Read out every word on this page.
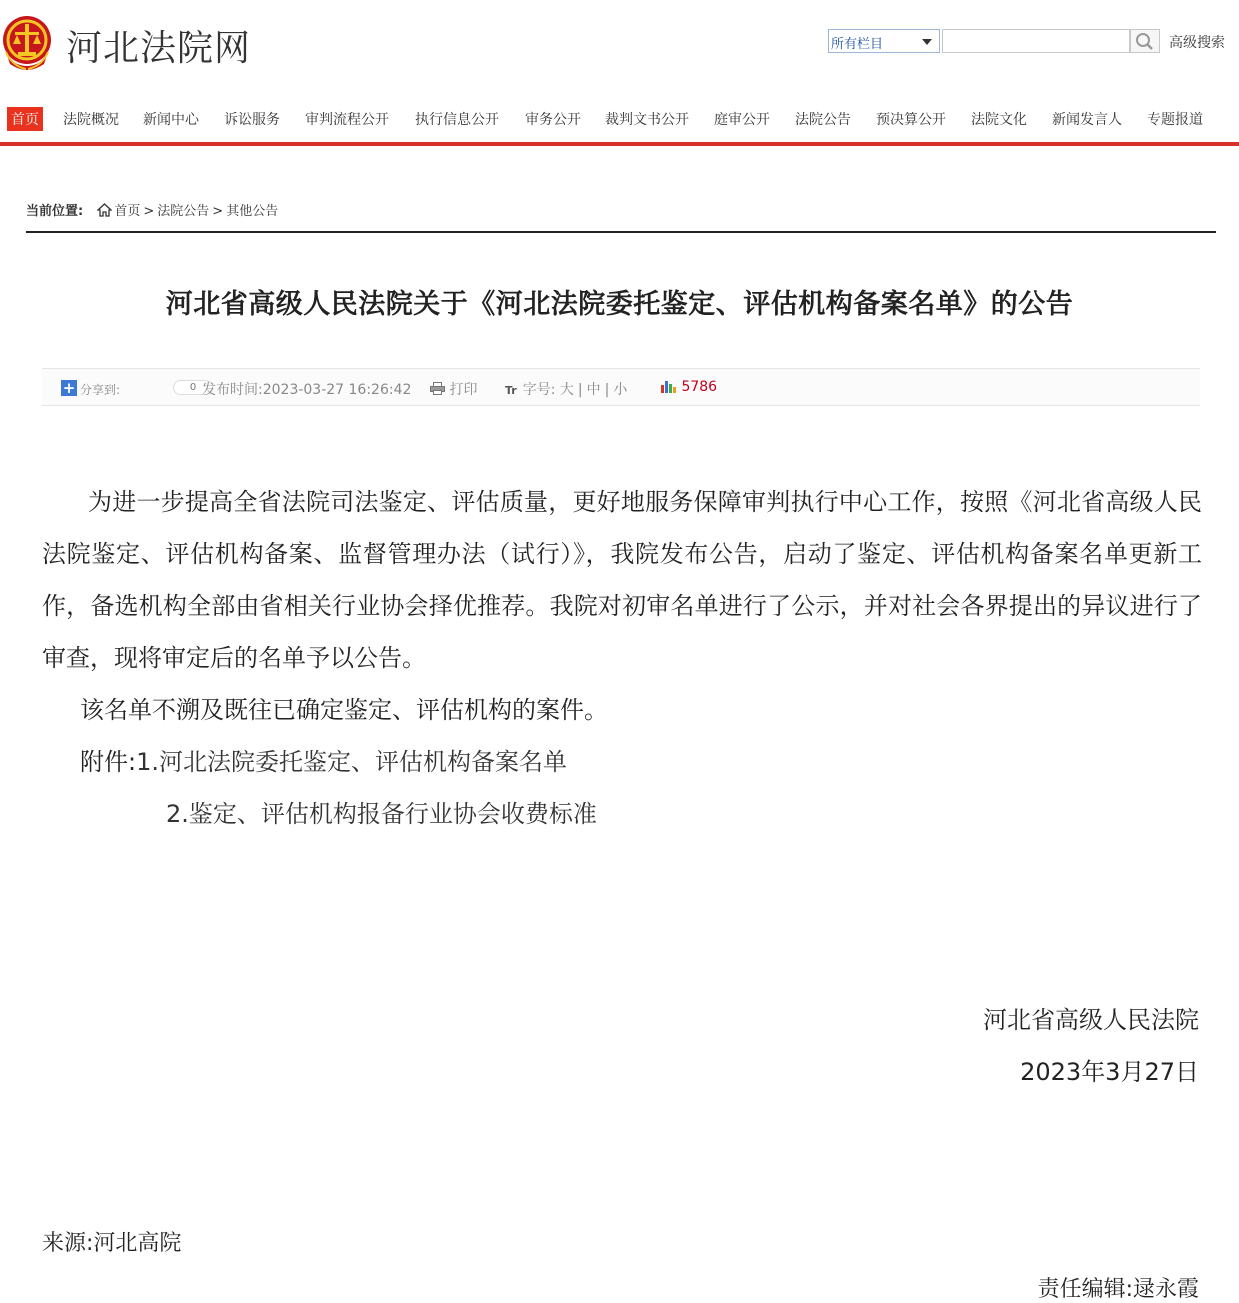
河北法院网	所有栏目	高级搜索
首页 法院概况 新闻中心 诉讼服务 审判流程公开 执行信息公开 审务公开 裁判文书公开 庭审公开 法院公告 预决算公开 法院文化 新闻发言人 专题报道
当前位置: 首页 > 法院公告 > 其他公告
河北省高级人民法院关于《河北法院委托鉴定、评估机构备案名单》的公告
+ 分享到:	0 发布时间:2023-03-27 16:26:42	打印	Tr 字号: 大 | 中 | 小	5786

为进一步提高全省法院司法鉴定、评估质量，更好地服务保障审判执行中心工作，按照《河北省高级人民法院鉴定、评估机构备案、监督管理办法（试行）》，我院发布公告，启动了鉴定、评估机构备案名单更新工作，备选机构全部由省相关行业协会择优推荐。我院对初审名单进行了公示，并对社会各界提出的异议进行了审查，现将审定后的名单予以公告。

该名单不溯及既往已确定鉴定、评估机构的案件。

附件:1.河北法院委托鉴定、评估机构备案名单

2.鉴定、评估机构报备行业协会收费标准

河北省高级人民法院
2023年3月27日
来源:河北高院
责任编辑:逯永霞
